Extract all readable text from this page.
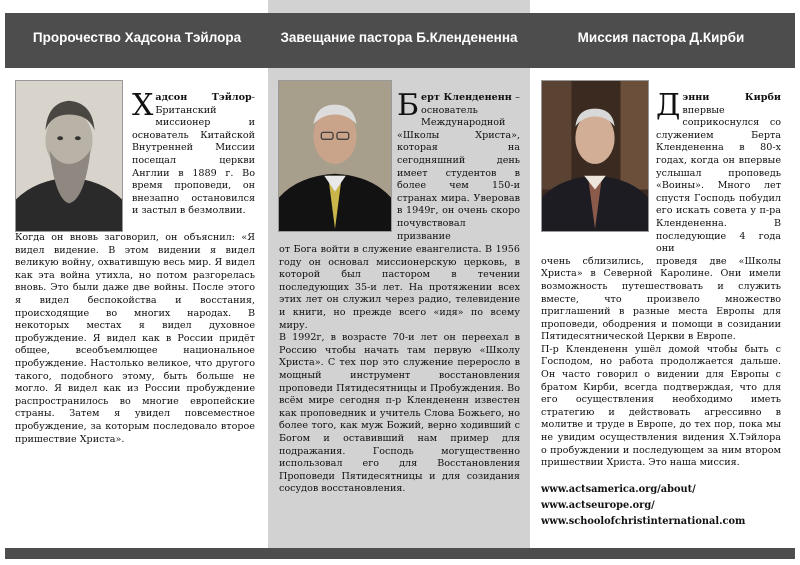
Пророчество Хадсона Тэйлора	Завещание пастора Б.Клендененна	Миссия пастора Д.Кирби

Хадсон Тэйлор-Британский миссионер и основатель Китайской Внутренней Миссии посещал церкви Англии в 1889 г. Во время проповеди, он внезапно остановился и застыл в безмолвии.

Когда он вновь заговорил, он объяснил: «Я видел видение. В этом видении я видел великую войну, охватившую весь мир. Я видел как эта война утихла, но потом разгорелась вновь. Это были даже две войны. После этого я видел беспокойства и восстания, происходящие во многих народах. В некоторых местах я видел духовное пробуждение. Я видел как в России придёт общее, всеобъемлющее национальное пробуждение. Настолько великое, что другого такого, подобного этому, быть больше не могло. Я видел как из России пробуждение распространилось во многие европейские страны. Затем я увидел повсеместное пробуждение, за которым последовало второе пришествие Христа».

Берт Клендененн – основатель Международной «Школы Христа», которая на сегодняшний день имеет студентов в более чем 150-и странах мира. Уверовав в 1949г, он очень скоро почувствовал призвание

от Бога войти в служение евангелиста. В 1956 году он основал миссионерскую церковь, в которой был пастором в течении последующих 35-и лет. На протяжении всех этих лет он служил через радио, телевидение и книги, но прежде всего «идя» по всему миру.

В 1992г, в возрасте 70-и лет он переехал в Россию чтобы начать там первую «Школу Христа». С тех пор это служение переросло в мощный инструмент восстановления проповеди Пятидесятницы и Пробуждения. Во всём мире сегодня п-р Клендененн известен как проповедник и учитель Слова Божьего, но более того, как муж Божий, верно ходивший с Богом и оставивший нам пример для подражания. Господь могущественно использовал его для Восстановления Проповеди Пятидесятницы и для созидания сосудов восстановления.

Дэнни Кирби впервые соприкоснулся со служением Берта Клендененна в 80-х годах, когда он впервые услышал проповедь «Воины». Много лет спустя Господь побудил его искать совета у п-ра Клендененна. В последующие 4 года они

очень сблизились, проведя две «Школы Христа» в Северной Каролине. Они имели возможность путешествовать и служить вместе, что произвело множество приглашений в разные места Европы для проповеди, ободрения и помощи в созидании Пятидесятнической Церкви в Европе.

П-р Клендененн ушёл домой чтобы быть с Господом, но работа продолжается дальше. Он часто говорил о видении для Европы с братом Кирби, всегда подтверждая, что для его осуществления необходимо иметь стратегию и действовать агрессивно в молитве и труде в Европе, до тех пор, пока мы не увидим осуществления видения Х.Тэйлора о пробуждении и последующем за ним втором пришествии Христа. Это наша миссия.

www.actsamerica.org/about/
www.actseurope.org/
www.schoolofchristinternational.com
